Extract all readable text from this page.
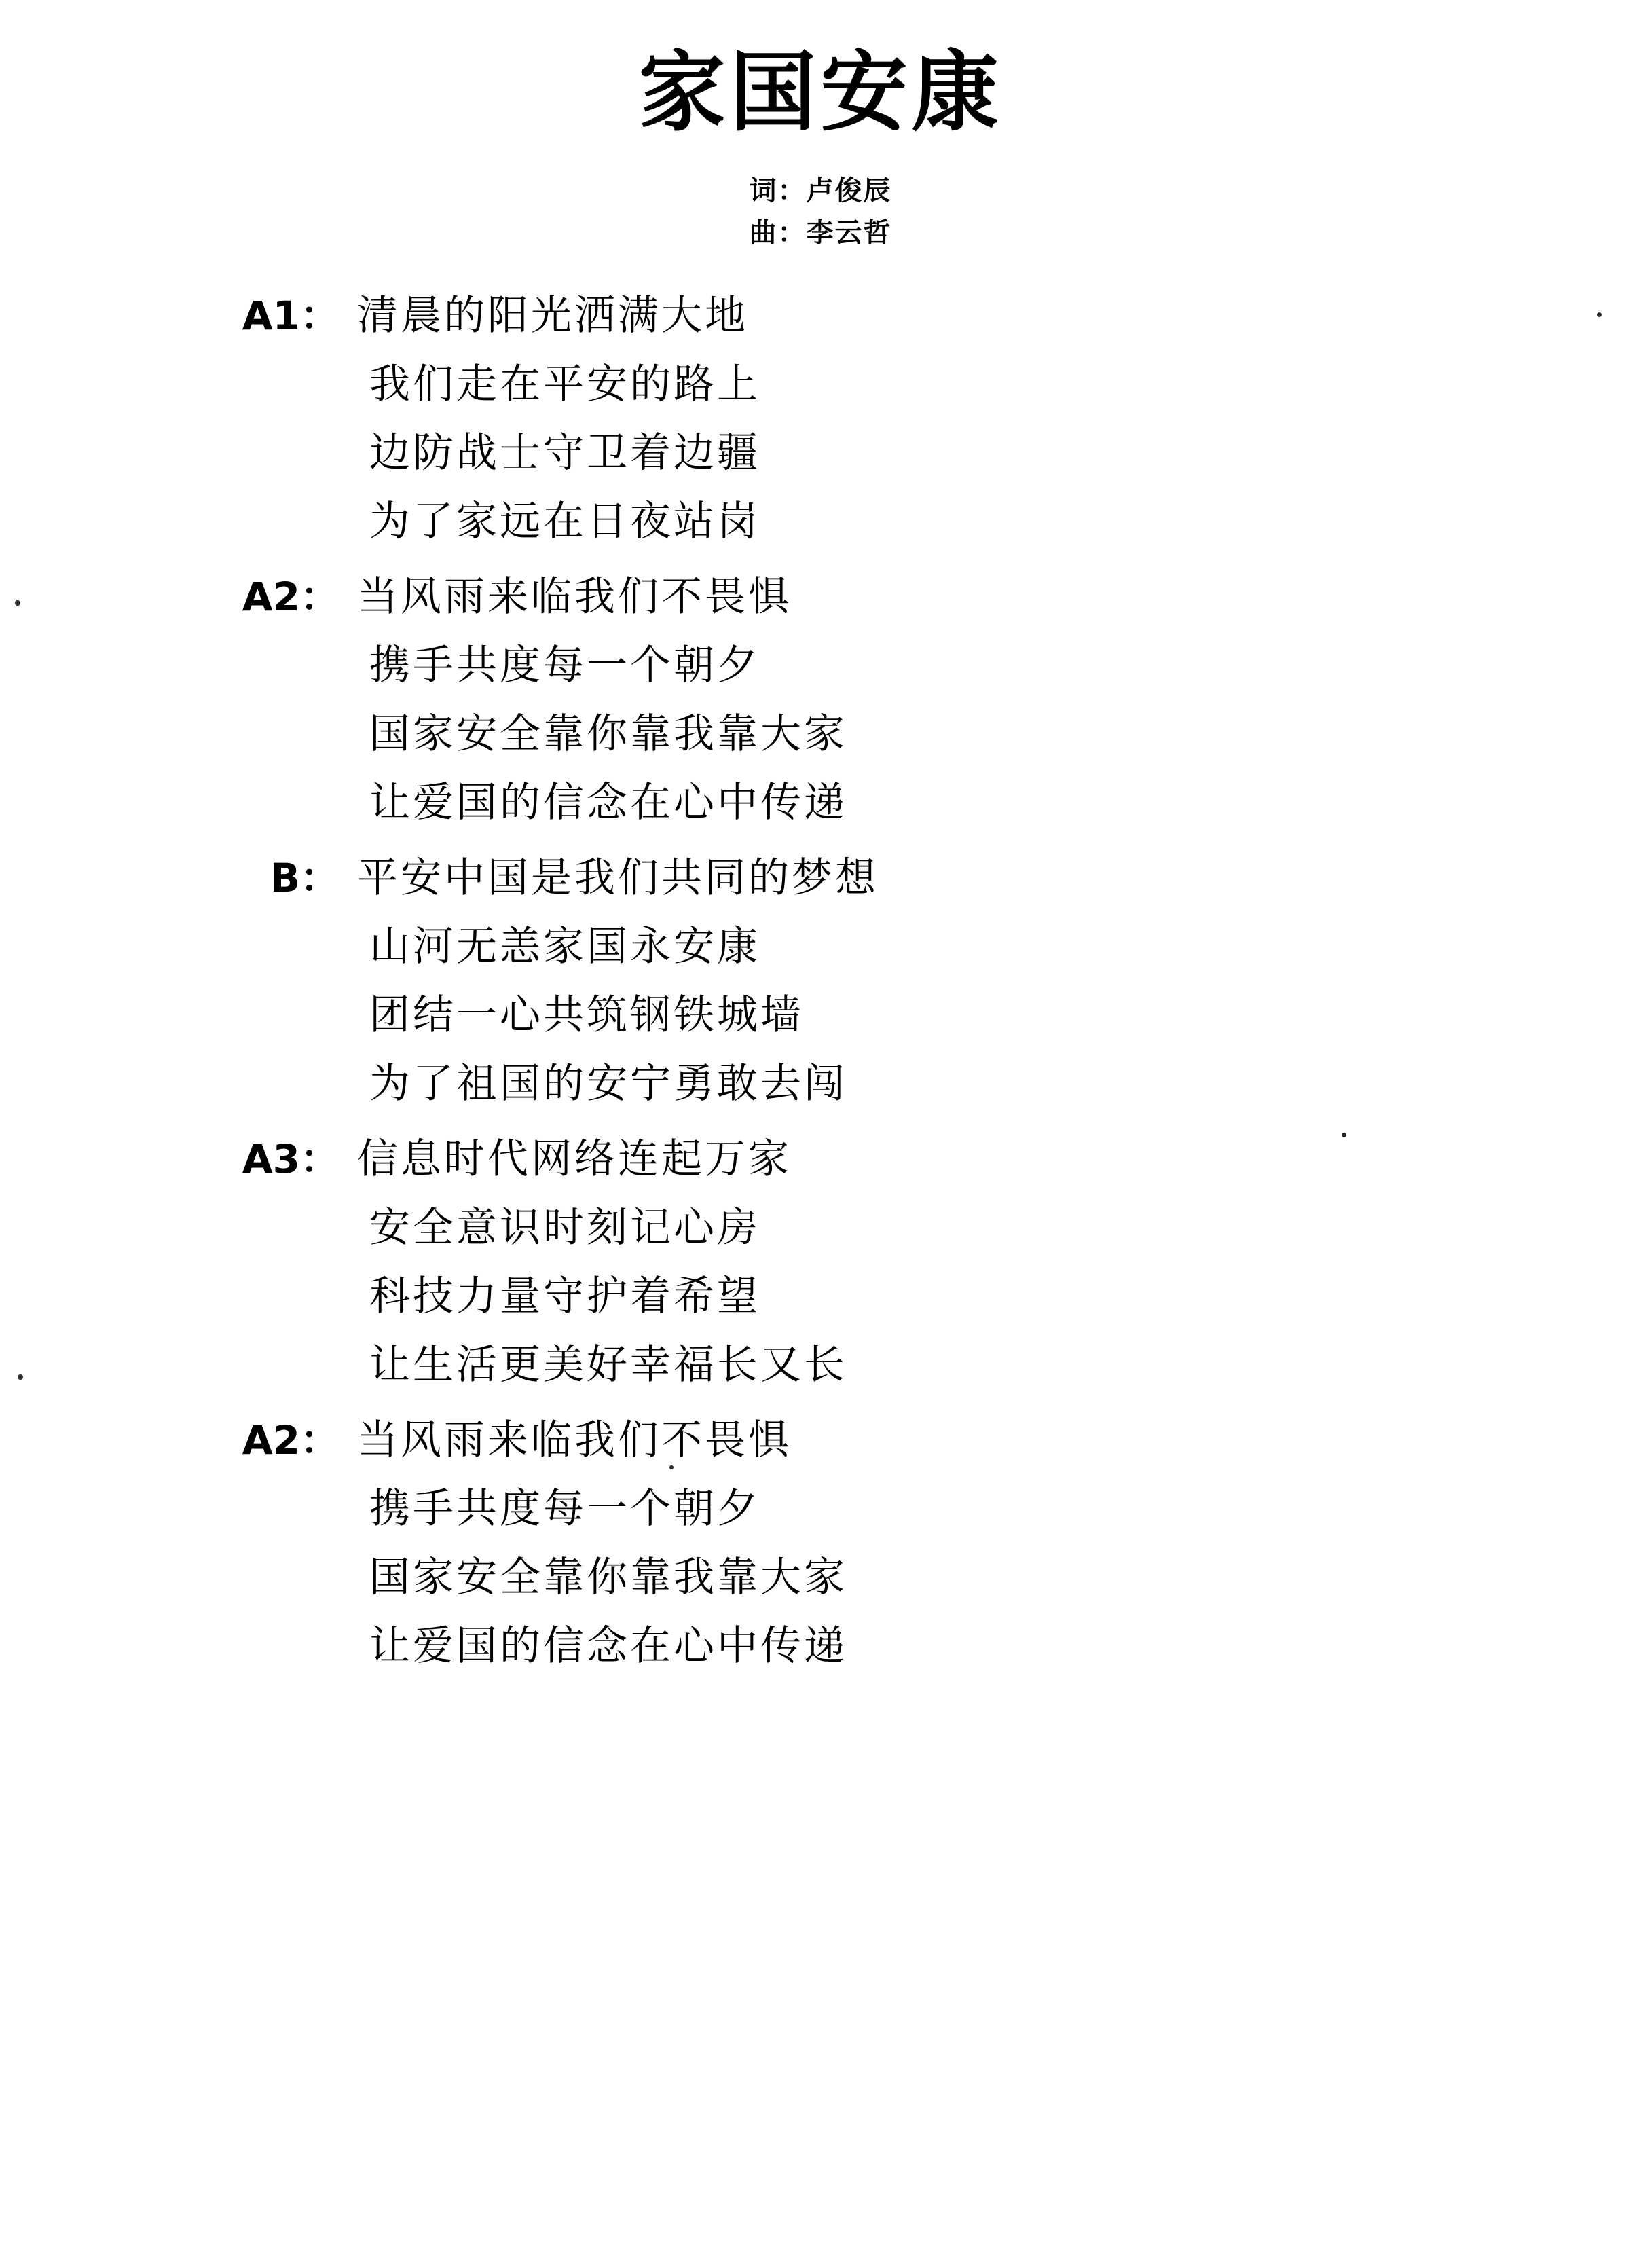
家国安康
词：卢俊辰
曲：李云哲
A1： 清晨的阳光洒满大地
我们走在平安的路上
边防战士守卫着边疆
为了家远在日夜站岗
A2： 当风雨来临我们不畏惧
携手共度每一个朝夕
国家安全靠你靠我靠大家
让爱国的信念在心中传递
B： 平安中国是我们共同的梦想
山河无恙家国永安康
团结一心共筑钢铁城墙
为了祖国的安宁勇敢去闯
A3： 信息时代网络连起万家
安全意识时刻记心房
科技力量守护着希望
让生活更美好幸福长又长
A2： 当风雨来临我们不畏惧
携手共度每一个朝夕
国家安全靠你靠我靠大家
让爱国的信念在心中传递
